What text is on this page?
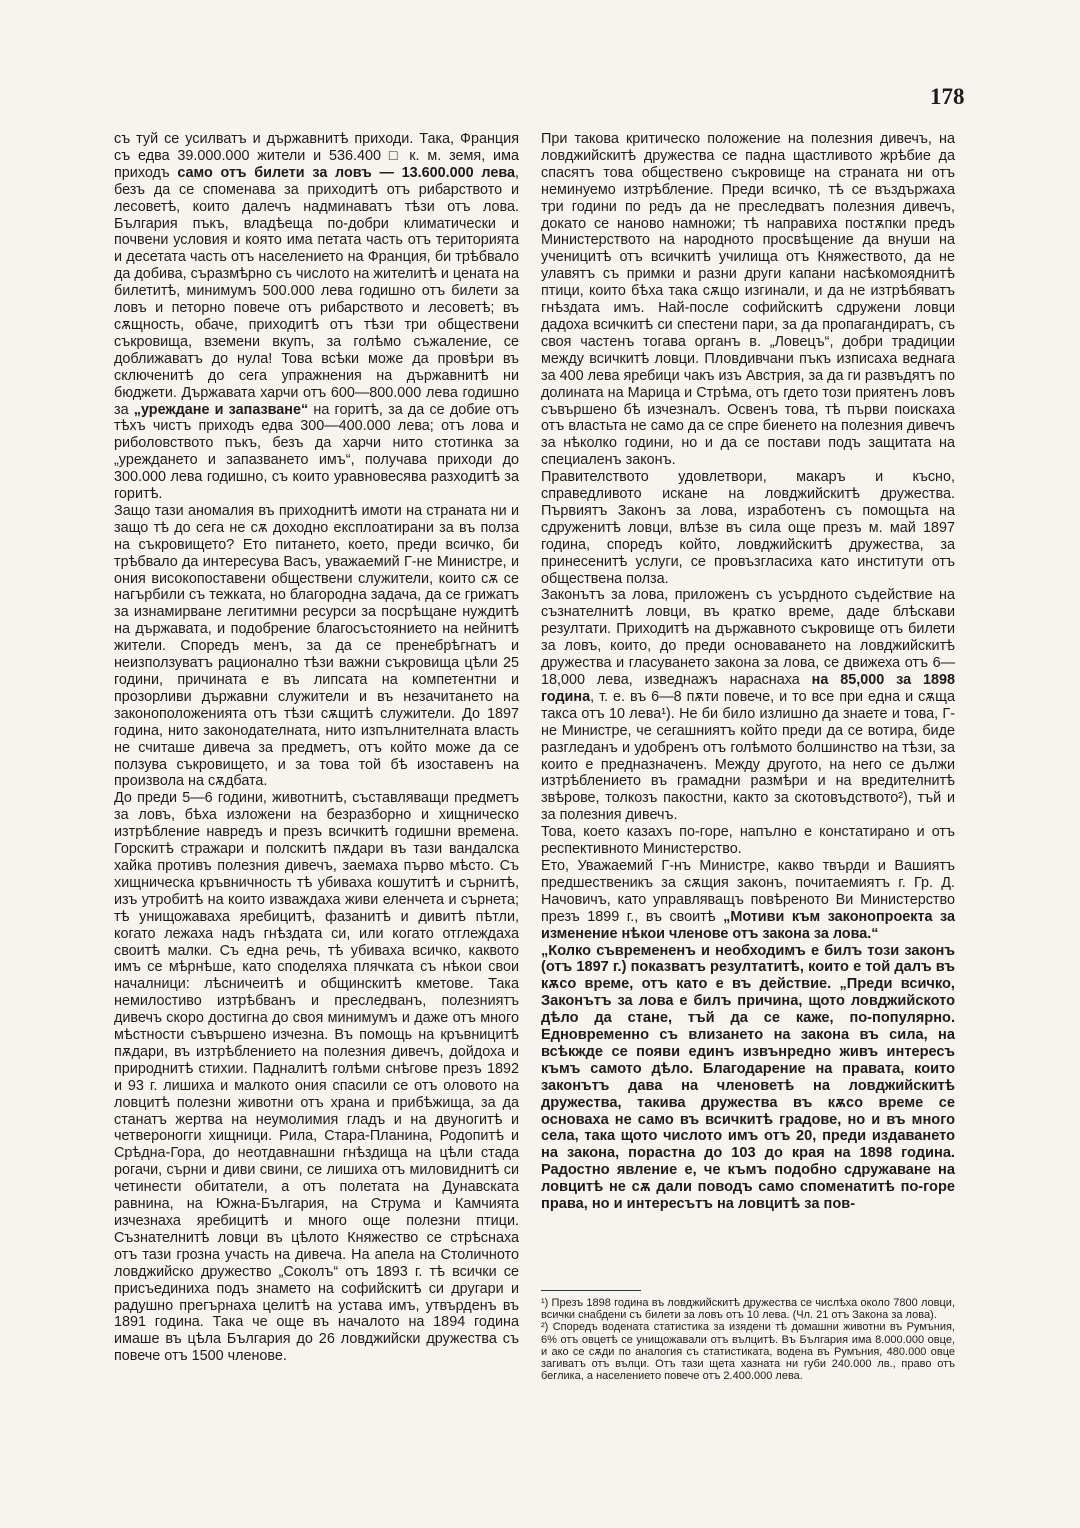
178

съ туй се усилватъ и държавнитѣ приходи. Така, Франция съ едва 39.000.000 жители и 536.400 □ к. м. земя, има приходъ само отъ билети за ловъ — 13.600.000 лева, безъ да се споменава за приходитѣ отъ рибарството и лесоветѣ, които далечъ надминаватъ тѣзи отъ лова. България пъкъ, владѣеща по-добри климатически и почвени условия и която има петата часть отъ територията и десетата часть отъ населението на Франция, би трѣбвало да добива, съразмѣрно съ числото на жителитѣ и цената на билетитѣ, минимумъ 500.000 лева годишно отъ билети за ловъ и петорно повече отъ рибарството и лесоветѣ; въ сѫщность, обаче, приходитѣ отъ тѣзи три обществени съкровища, вземени вкупъ, за голѣмо съжаление, се доближаватъ до нула! Това всѣки може да провѣри въ сключенитѣ до сега упражнения на държавнитѣ ни бюджети. Държавата харчи отъ 600—800.000 лева годишно за „уреждане и запазване“ на горитѣ, за да се добие отъ тѣхъ чистъ приходъ едва 300—400.000 лева; отъ лова и риболовството пъкъ, безъ да харчи нито стотинка за „уреждането и запазването имъ“, получава приходи до 300.000 лева годишно, съ които уравновесява разходитѣ за горитѣ.

Защо тази аномалия въ приходнитѣ имоти на страната ни и защо тѣ до сега не сѫ доходно експлоатирани за въ полза на съкровището? Ето питането, което, преди всичко, би трѣбвало да интересува Васъ, уважаемий Г-не Министре, и ония високопоставени обществени служители, които сѫ се нагърбили съ тежката, но благородна задача, да се грижатъ за изнамирване легитимни ресурси за посрѣщане нуждитѣ на държавата, и подобрение благосъстоянието на нейнитѣ жители. Споредъ менъ, за да се пренебрѣгнатъ и неизползуватъ рационално тѣзи важни съкровища цѣли 25 години, причината е въ липсата на компетентни и прозорливи държавни служители и въ незачитането на законоположенията отъ тѣзи сѫщитѣ служители. До 1897 година, нито законодателната, нито изпълнителната власть не считаше дивеча за предметъ, отъ който може да се ползува съкровището, и за това той бѣ изоставенъ на произвола на сѫдбата.

До преди 5—6 години, животнитѣ, съставляващи предметъ за ловъ, бѣха изложени на безразборно и хищническо изтрѣбление навредъ и презъ всичкитѣ годишни времена. Горскитѣ стражари и полскитѣ пѫдари въ тази вандалска хайка противъ полезния дивечъ, заемаха първо мѣсто. Съ хищническа кръвничность тѣ убиваха кошутитѣ и сърнитѣ, изъ утробитѣ на които изваждаха живи еленчета и сърнета; тѣ унищожаваха яребицитѣ, фазанитѣ и дивитѣ пѣтли, когато лежаха надъ гнѣздата си, или когато отглеждаха своитѣ малки. Съ една речь, тѣ убиваха всичко, каквото имъ се мѣрнѣше, като споделяха плячката съ нѣкои свои началници: лѣсничеитѣ и общинскитѣ кметове. Така немилостиво изтрѣбванъ и преследванъ, полезниятъ дивечъ скоро достигна до своя минимумъ и даже отъ много мѣстности съвършено изчезна. Въ помощь на кръвницитѣ пѫдари, въ изтрѣблението на полезния дивечъ, дойдоха и природнитѣ стихии. Падналитѣ голѣми снѣгове презъ 1892 и 93 г. лишиха и малкото ония спасили се отъ оловото на ловцитѣ полезни животни отъ храна и прибѣжища, за да станатъ жертва на неумолимия гладъ и на двуногитѣ и четвероногги хищници. Рила, Стара-Планина, Родопитѣ и Срѣдна-Гора, до неотдавнашни гнѣздища на цѣли стада рогачи, сърни и диви свини, се лишиха отъ миловиднитѣ си четинести обитатели, а отъ полетата на Дунавската равнина, на Южна-България, на Струма и Камчията изчезнаха яребицитѣ и много още полезни птици. Съзнателнитѣ ловци въ цѣлото Княжество се стрѣснаха отъ тази грозна участь на дивеча. На апела на Столичното ловджийско дружество „Соколъ“ отъ 1893 г. тѣ всички се присъединиха подъ знамето на софийскитѣ си другари и радушно прегърнаха целитѣ на устава имъ, утвърденъ въ 1891 година. Така че още въ началото на 1894 година имаше въ цѣла България до 26 ловджийски дружества съ повече отъ 1500 членове.

При такова критическо положение на полезния дивечъ, на ловджийскитѣ дружества се падна щастливото жрѣбие да спасятъ това обществено съкровище на страната ни отъ неминуемо изтрѣбление. Преди всичко, тѣ се въздържаха три години по редъ да не преследватъ полезния дивечъ, докато се наново намножи; тѣ направиха постѫпки предъ Министерството на народното просвѣщение да внуши на ученицитѣ отъ всичкитѣ училища отъ Княжеството, да не улавятъ съ примки и разни други капани насѣкомояднитѣ птици, които бѣха така сѫщо изгинали, и да не изтрѣбяватъ гнѣздата имъ. Най-после софийскитѣ сдружени ловци дадоха всичкитѣ си спестени пари, за да пропагандиратъ, съ своя частенъ тогава органъ в. „Ловецъ“, добри традиции между всичкитѣ ловци. Пловдивчани пъкъ изписаха веднага за 400 лева яребици чакъ изъ Австрия, за да ги развъдятъ по долината на Марица и Стрѣма, отъ гдето този приятенъ ловъ съвършено бѣ изчезналъ. Освенъ това, тѣ първи поискаха отъ властьта не само да се спре биенето на полезния дивечъ за нѣколко години, но и да се постави подъ защитата на специаленъ законъ.

Правителството удовлетвори, макаръ и късно, справедливото искане на ловджийскитѣ дружества. Първиятъ Законъ за лова, изработенъ съ помощьта на сдруженитѣ ловци, влѣзе въ сила още презъ м. май 1897 година, споредъ който, ловджийскитѣ дружества, за принесенитѣ услуги, се провъзгласиха като институти отъ обществена полза.

Законътъ за лова, приложенъ съ усърдното съдействие на съзнателнитѣ ловци, въ кратко време, даде блѣскави резултати. Приходитѣ на държавното съкровище отъ билети за ловъ, които, до преди основаването на ловджийскитѣ дружества и гласуването закона за лова, се движеха отъ 6—18,000 лева, изведнажъ нараснаха на 85,000 за 1898 година, т. е. въ 6—8 пѫти повече, и то все при една и сѫща такса отъ 10 лева¹). Не би било излишно да знаете и това, Г-не Министре, че сегашниятъ който преди да се вотира, биде разгледанъ и удобренъ отъ голѣмото болшинство на тѣзи, за които е предназначенъ. Между другото, на него се дължи изтрѣблението въ грамадни размѣри и на вредителнитѣ звѣрове, толкозъ пакостни, както за скотовъдството²), тъй и за полезния дивечъ.

Това, което казахъ по-горе, напълно е констатирано и отъ респективното Министерство.

Ето, Уважаемий Г-нъ Министре, какво твърди и Вашиятъ предшественикъ за сѫщия законъ, почитаемиятъ г. Гр. Д. Начовичъ, като управляващъ повѣреното Ви Министерство презъ 1899 г., въ своитѣ „Мотиви към законопроекта за изменение нѣкои членове отъ закона за лова.“

„Колко съвремененъ и необходимъ е билъ този законъ (отъ 1897 г.) показватъ резултатитѣ, които е той далъ въ кѫсо време, отъ като е въ действие. „Преди всичко, Законътъ за лова е билъ причина, щото ловджийското дѣло да стане, тъй да се каже, по-популярно. Едновременно съ влизането на закона въ сила, на всѣкжде се появи единъ извънредно живъ интересъ къмъ самото дѣло. Благодарение на правата, които законътъ дава на членоветѣ на ловджийскитѣ дружества, такива дружества въ кѫсо време се основаха не само въ всичкитѣ градове, но и въ много села, така щото числото имъ отъ 20, преди издаването на закона, порастна до 103 до края на 1898 година. Радостно явление е, че къмъ подобно сдружаване на ловцитѣ не сѫ дали поводъ само споменатитѣ по-горе права, но и интересътъ на ловцитѣ за пов-

¹) Презъ 1898 година въ ловджийскитѣ дружества се числѣха около 7800 ловци, всички снабдени съ билети за ловъ отъ 10 лева. (Чл. 21 отъ Закона за лова).

²) Споредъ водената статистика за изядени тѣ домашни животни въ Румъния, 6% отъ овцетѣ се унищожавали отъ вълцитѣ. Въ България има 8.000.000 овце, и ако се сѫди по аналогия съ статистиката, водена въ Румъния, 480.000 овце загиватъ отъ вълци. Отъ тази щета хазната ни губи 240.000 лв., право отъ беглика, а населението повече отъ 2.400.000 лева.
